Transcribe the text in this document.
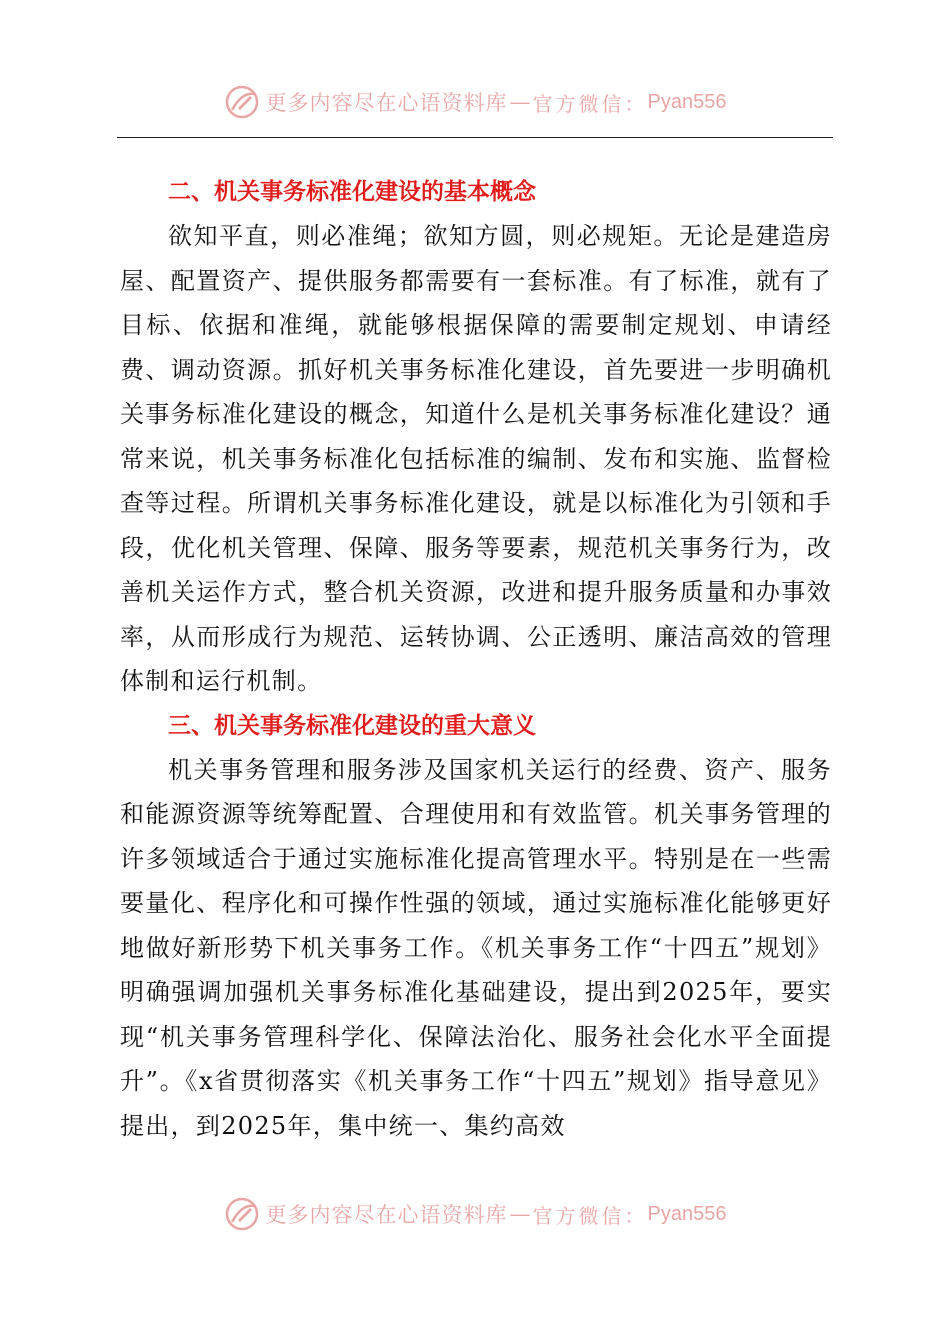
更多内容尽在心语资料库 — 官方微信： Pyan556
二、机关事务标准化建设的基本概念

欲知平直，则必准绳；欲知方圆，则必规矩。无论是建造房屋、配置资产、提供服务都需要有一套标准。有了标准，就有了目标、依据和准绳，就能够根据保障的需要制定规划、申请经费、调动资源。抓好机关事务标准化建设，首先要进一步明确机关事务标准化建设的概念，知道什么是机关事务标准化建设？通常来说，机关事务标准化包括标准的编制、发布和实施、监督检查等过程。所谓机关事务标准化建设，就是以标准化为引领和手段，优化机关管理、保障、服务等要素，规范机关事务行为，改善机关运作方式，整合机关资源，改进和提升服务质量和办事效率，从而形成行为规范、运转协调、公正透明、廉洁高效的管理体制和运行机制。

三、机关事务标准化建设的重大意义

机关事务管理和服务涉及国家机关运行的经费、资产、服务和能源资源等统筹配置、合理使用和有效监管。机关事务管理的许多领域适合于通过实施标准化提高管理水平。特别是在一些需要量化、程序化和可操作性强的领域，通过实施标准化能够更好地做好新形势下机关事务工作。《机关事务工作“十四五”规划》明确强调加强机关事务标准化基础建设，提出到2025年，要实现“机关事务管理科学化、保障法治化、服务社会化水平全面提升”。《x省贯彻落实《机关事务工作“十四五”规划》指导意见》提出，到2025年，集中统一、集约高效

更多内容尽在心语资料库 — 官方微信： Pyan556
